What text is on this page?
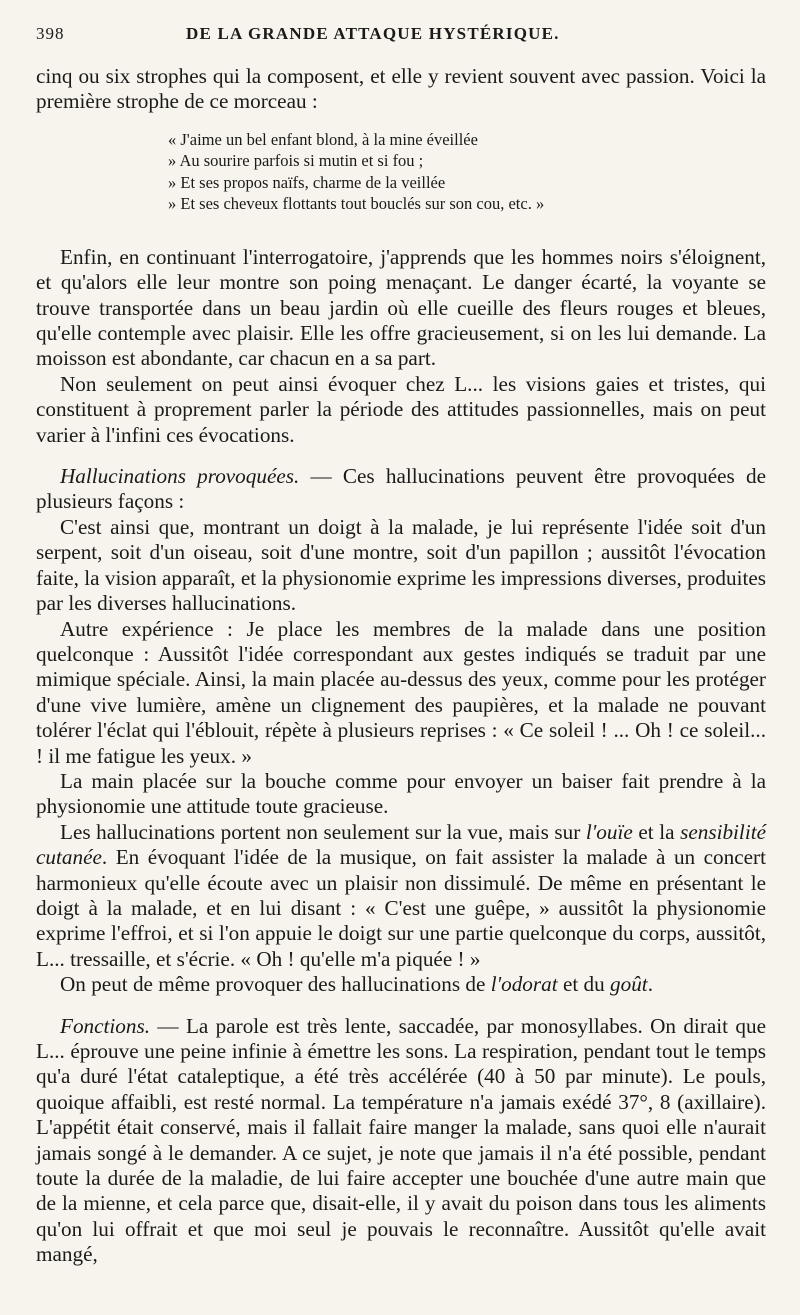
398	DE LA GRANDE ATTAQUE HYSTÉRIQUE.

cinq ou six strophes qui la composent, et elle y revient souvent avec passion. Voici la première strophe de ce morceau :

« J'aime un bel enfant blond, à la mine éveillée
» Au sourire parfois si mutin et si fou ;
» Et ses propos naïfs, charme de la veillée
» Et ses cheveux flottants tout bouclés sur son cou, etc. »

Enfin, en continuant l'interrogatoire, j'apprends que les hommes noirs s'éloignent, et qu'alors elle leur montre son poing menaçant. Le danger écarté, la voyante se trouve transportée dans un beau jardin où elle cueille des fleurs rouges et bleues, qu'elle contemple avec plaisir. Elle les offre gracieusement, si on les lui demande. La moisson est abondante, car chacun en a sa part.

Non seulement on peut ainsi évoquer chez L... les visions gaies et tristes, qui constituent à proprement parler la période des attitudes passionnelles, mais on peut varier à l'infini ces évocations.

Hallucinations provoquées. — Ces hallucinations peuvent être provoquées de plusieurs façons :

C'est ainsi que, montrant un doigt à la malade, je lui représente l'idée soit d'un serpent, soit d'un oiseau, soit d'une montre, soit d'un papillon ; aussitôt l'évocation faite, la vision apparaît, et la physionomie exprime les impressions diverses, produites par les diverses hallucinations.

Autre expérience : Je place les membres de la malade dans une position quelconque : Aussitôt l'idée correspondant aux gestes indiqués se traduit par une mimique spéciale. Ainsi, la main placée au-dessus des yeux, comme pour les protéger d'une vive lumière, amène un clignement des paupières, et la malade ne pouvant tolérer l'éclat qui l'éblouit, répète à plusieurs reprises : « Ce soleil ! ... Oh ! ce soleil... ! il me fatigue les yeux. »

La main placée sur la bouche comme pour envoyer un baiser fait prendre à la physionomie une attitude toute gracieuse.

Les hallucinations portent non seulement sur la vue, mais sur l'ouïe et la sensibilité cutanée. En évoquant l'idée de la musique, on fait assister la malade à un concert harmonieux qu'elle écoute avec un plaisir non dissimulé. De même en présentant le doigt à la malade, et en lui disant : « C'est une guêpe, » aussitôt la physionomie exprime l'effroi, et si l'on appuie le doigt sur une partie quelconque du corps, aussitôt, L... tressaille, et s'écrie. « Oh ! qu'elle m'a piquée ! »

On peut de même provoquer des hallucinations de l'odorat et du goût.

Fonctions. — La parole est très lente, saccadée, par monosyllabes. On dirait que L... éprouve une peine infinie à émettre les sons. La respiration, pendant tout le temps qu'a duré l'état cataleptique, a été très accélérée (40 à 50 par minute). Le pouls, quoique affaibli, est resté normal. La température n'a jamais exédé 37°, 8 (axillaire). L'appétit était conservé, mais il fallait faire manger la malade, sans quoi elle n'aurait jamais songé à le demander. A ce sujet, je note que jamais il n'a été possible, pendant toute la durée de la maladie, de lui faire accepter une bouchée d'une autre main que de la mienne, et cela parce que, disait-elle, il y avait du poison dans tous les aliments qu'on lui offrait et que moi seul je pouvais le reconnaître. Aussitôt qu'elle avait mangé,
